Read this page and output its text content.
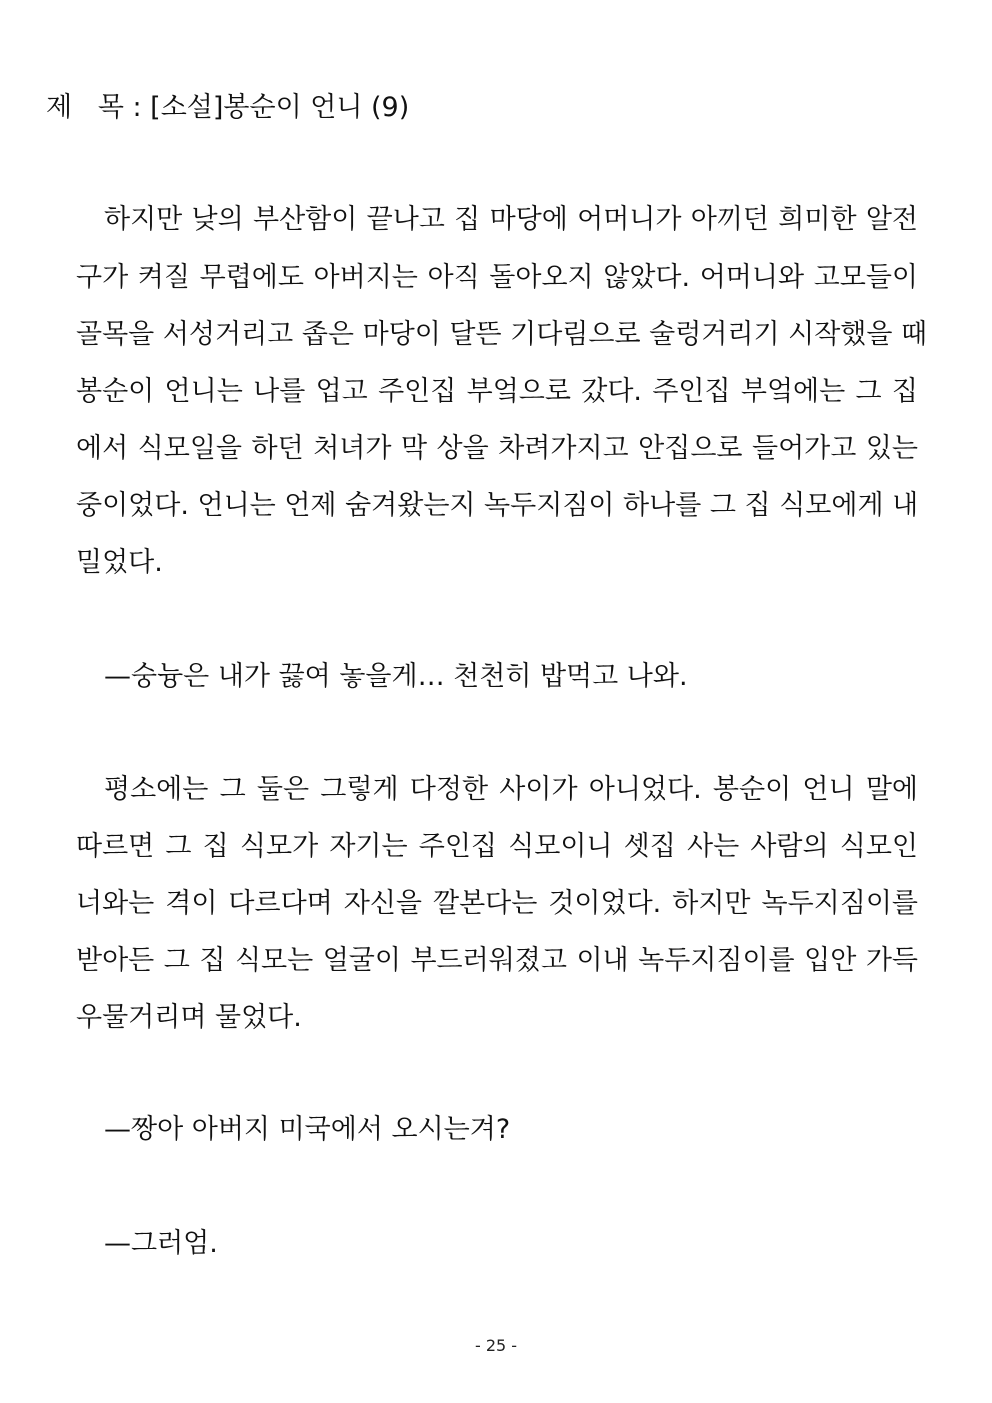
제   목 : [소설]봉순이 언니 (9)
하지만 낮의 부산함이 끝나고 집 마당에 어머니가 아끼던 희미한 알전
구가 켜질 무렵에도 아버지는 아직 돌아오지 않았다. 어머니와 고모들이
골목을 서성거리고 좁은 마당이 달뜬 기다림으로 술렁거리기 시작했을 때
봉순이 언니는 나를 업고 주인집 부엌으로 갔다. 주인집 부엌에는 그 집
에서 식모일을 하던 처녀가 막 상을 차려가지고 안집으로 들어가고 있는
중이었다. 언니는 언제 숨겨왔는지 녹두지짐이 하나를 그 집 식모에게 내
밀었다.
—숭늉은 내가 끓여 놓을게… 천천히 밥먹고 나와.
평소에는 그 둘은 그렇게 다정한 사이가 아니었다. 봉순이 언니 말에
따르면 그 집 식모가 자기는 주인집 식모이니 셋집 사는 사람의 식모인
너와는 격이 다르다며 자신을 깔본다는 것이었다. 하지만 녹두지짐이를
받아든 그 집 식모는 얼굴이 부드러워졌고 이내 녹두지짐이를 입안 가득
우물거리며 물었다.
—짱아 아버지 미국에서 오시는겨?
—그러엄.
- 25 -
